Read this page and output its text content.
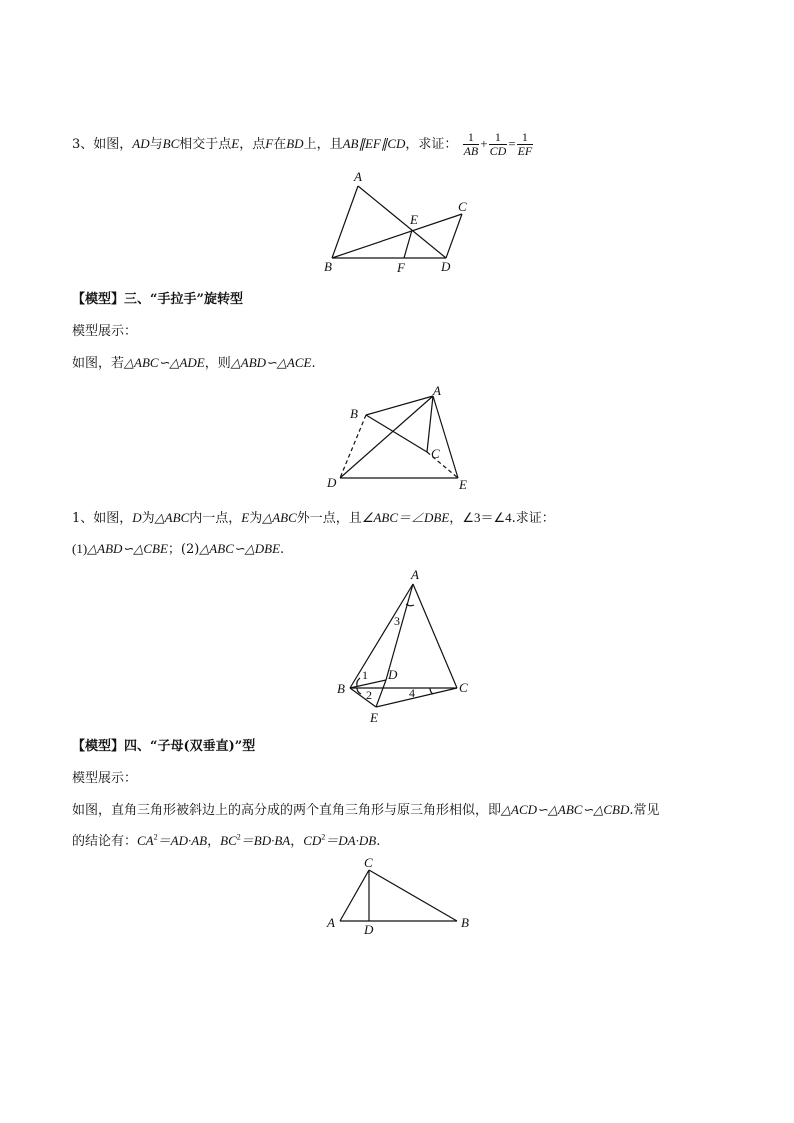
3、如图，AD与BC相交于点E，点F在BD上，且AB∥EF∥CD，求证： $\frac{1}{AB} + \frac{1}{CD} = \frac{1}{EF}$
A
B
C
D
E
F
【模型】三、“手拉手”旋转型
模型展示：
如图，若△ABC∽△ADE，则△ABD∽△ACE.
A
B
C
D	E
1、如图，D为△ABC内一点，E为△ABC外一点，且∠ABC＝∠DBE，∠3＝∠4.求证：
(1)△ABD∽△CBE；(2)△ABC∽△DBE.
A
B	C
D
E
1
2
3
4
【模型】四、“子母(双垂直)”型
模型展示：
如图，直角三角形被斜边上的高分成的两个直角三角形与原三角形相似，即△ACD∽△ABC∽△CBD.常见
的结论有：$CA^2=AD\cdot AB$，$BC^2=BD\cdot BA$，$CD^2=DA\cdot DB$.
C
A	B
D
